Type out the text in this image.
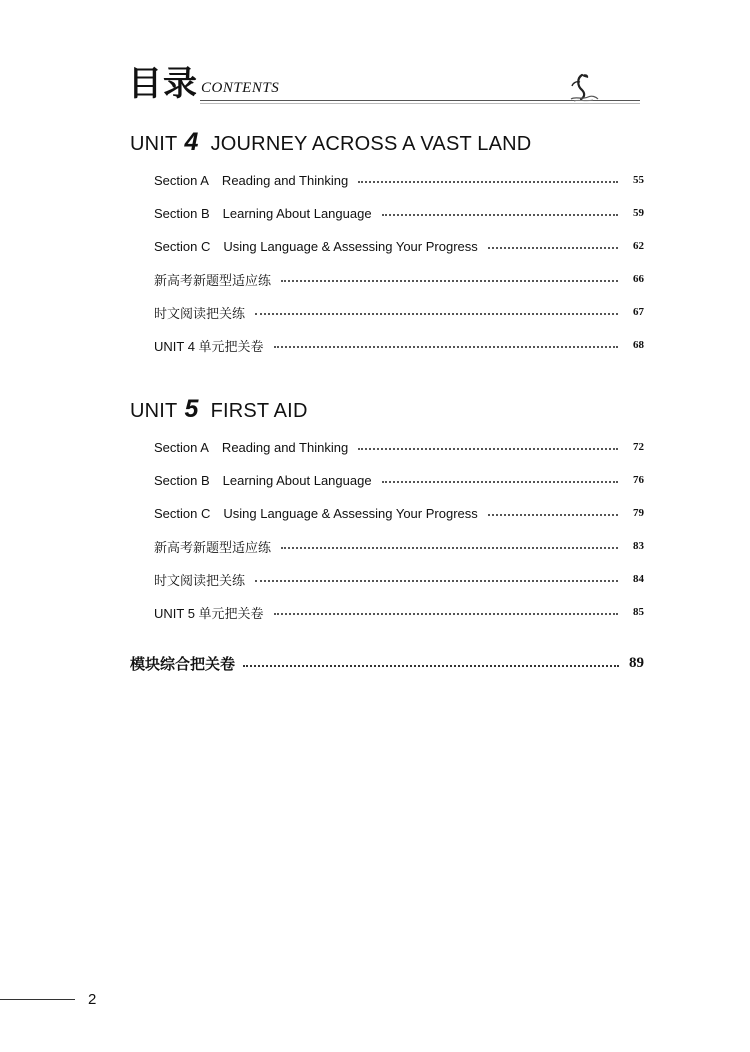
目录 CONTENTS
UNIT 4 JOURNEY ACROSS A VAST LAND
Section A Reading and Thinking	55
Section B Learning About Language	59
Section C Using Language & Assessing Your Progress	62
新高考新题型适应练	66
时文阅读把关练	67
UNIT 4 单元把关卷	68
UNIT 5 FIRST AID
Section A Reading and Thinking	72
Section B Learning About Language	76
Section C Using Language & Assessing Your Progress	79
新高考新题型适应练	83
时文阅读把关练	84
UNIT 5 单元把关卷	85
模块综合把关卷	89
2
